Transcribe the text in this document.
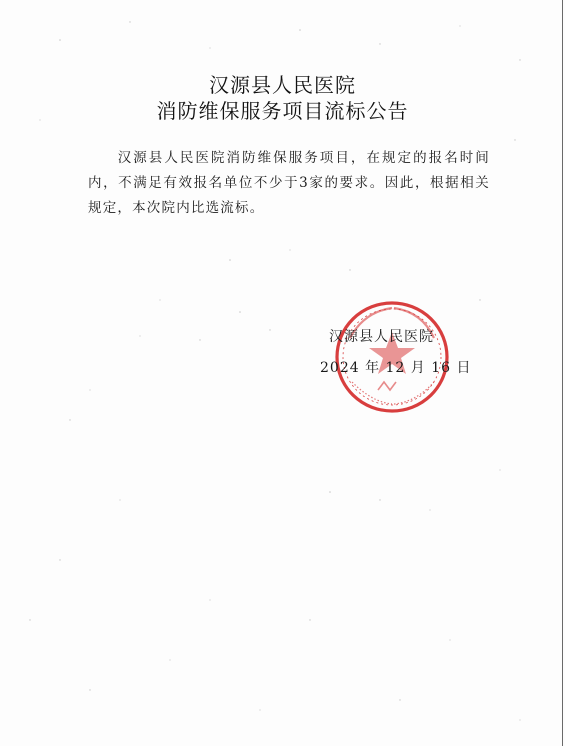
汉源县人民医院
消防维保服务项目流标公告

汉源县人民医院消防维保服务项目，在规定的报名时间内，不满足有效报名单位不少于3家的要求。因此，根据相关规定，本次院内比选流标。

汉源县人民医院
2024 年 12 月 16 日
